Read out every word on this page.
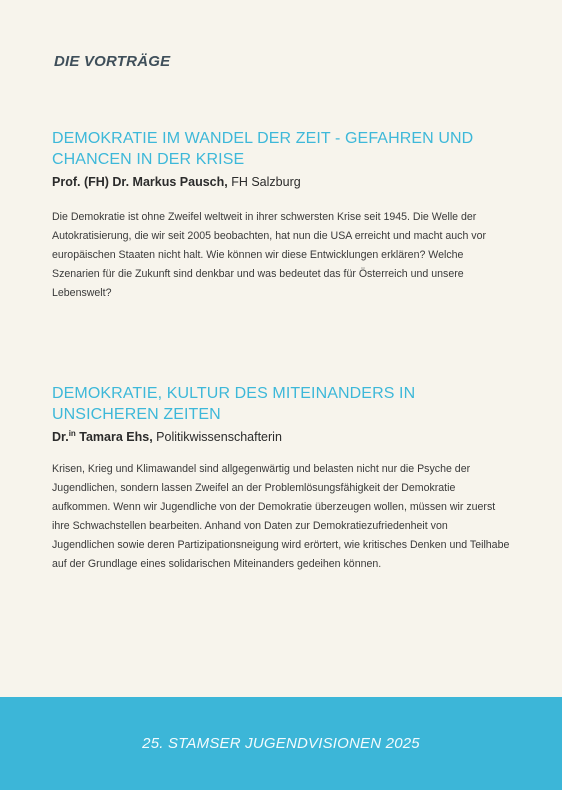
DIE VORTRÄGE
DEMOKRATIE IM WANDEL DER ZEIT - GEFAHREN UND
CHANCEN IN DER KRISE

Prof. (FH) Dr. Markus Pausch, FH Salzburg

Die Demokratie ist ohne Zweifel weltweit in ihrer schwersten Krise seit 1945. Die Welle der Autokratisierung, die wir seit 2005 beobachten, hat nun die USA erreicht und macht auch vor europäischen Staaten nicht halt. Wie können wir diese Entwicklungen erklären? Welche Szenarien für die Zukunft sind denkbar und was bedeutet das für Österreich und unsere Lebenswelt?

DEMOKRATIE, KULTUR DES MITEINANDERS IN
UNSICHEREN ZEITEN

Dr.$^{in}$ Tamara Ehs, Politikwissenschafterin

Krisen, Krieg und Klimawandel sind allgegenwärtig und belasten nicht nur die Psyche der Jugendlichen, sondern lassen Zweifel an der Problemlösungsfähigkeit der Demokratie aufkommen. Wenn wir Jugendliche von der Demokratie überzeugen wollen, müssen wir zuerst ihre Schwachstellen bearbeiten. Anhand von Daten zur Demokratiezufriedenheit von Jugendlichen sowie deren Partizipationsneigung wird erörtert, wie kritisches Denken und Teilhabe auf der Grundlage eines solidarischen Miteinanders gedeihen können.

25. STAMSER JUGENDVISIONEN 2025
